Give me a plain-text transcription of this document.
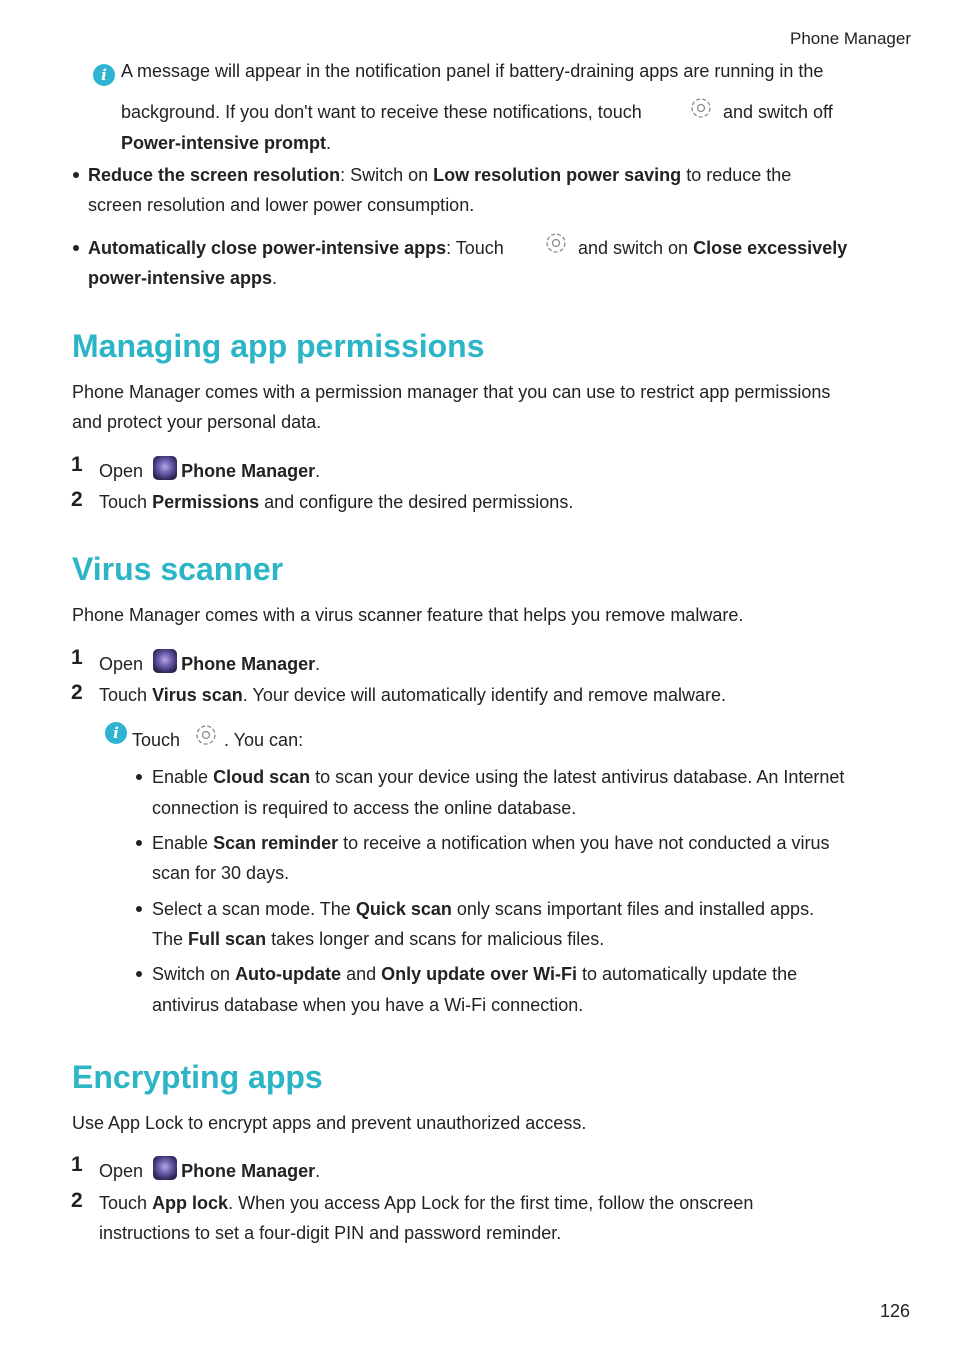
Phone Manager
i A message will appear in the notification panel if battery-draining apps are running in the
background. If you don't want to receive these notifications, touch	and switch off
Power-intensive prompt.
Reduce the screen resolution: Switch on Low resolution power saving to reduce the
screen resolution and lower power consumption.
Automatically close power-intensive apps: Touch	and switch on Close excessively
power-intensive apps.
Managing app permissions
Phone Manager comes with a permission manager that you can use to restrict app permissions
and protect your personal data.
1 Open Phone Manager.
2 Touch Permissions and configure the desired permissions.
Virus scanner
Phone Manager comes with a virus scanner feature that helps you remove malware.
1 Open Phone Manager.
2 Touch Virus scan. Your device will automatically identify and remove malware.
i Touch . You can:
Enable Cloud scan to scan your device using the latest antivirus database. An Internet
connection is required to access the online database.
Enable Scan reminder to receive a notification when you have not conducted a virus
scan for 30 days.
Select a scan mode. The Quick scan only scans important files and installed apps.
The Full scan takes longer and scans for malicious files.
Switch on Auto-update and Only update over Wi-Fi to automatically update the
antivirus database when you have a Wi-Fi connection.
Encrypting apps
Use App Lock to encrypt apps and prevent unauthorized access.
1 Open Phone Manager.
2 Touch App lock. When you access App Lock for the first time, follow the onscreen
instructions to set a four-digit PIN and password reminder.
126
